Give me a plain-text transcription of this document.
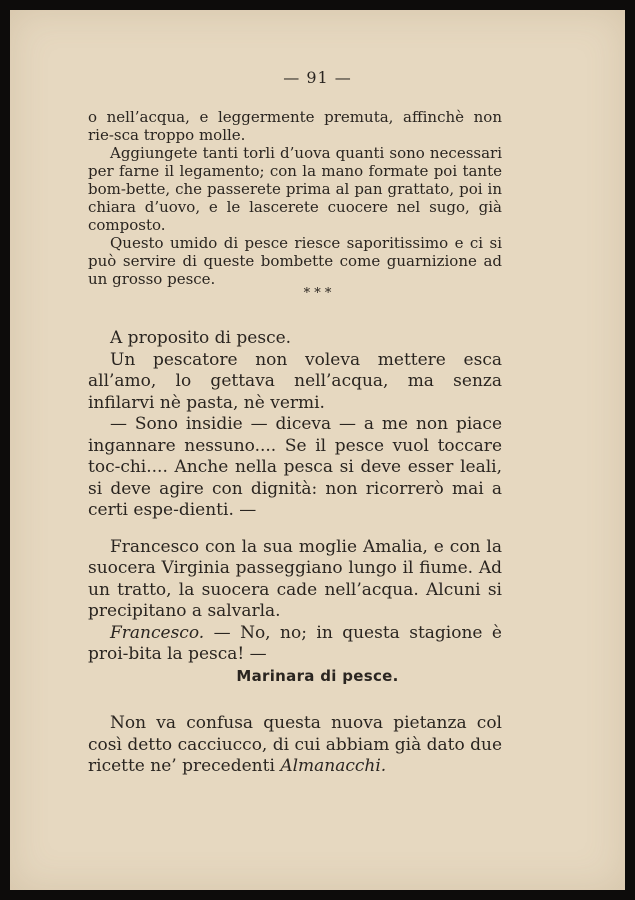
— 91 —

o nell’acqua, e leggermente premuta, affinchè non rie-sca troppo molle.

Aggiungete tanti torli d’uova quanti sono necessari per farne il legamento; con la mano formate poi tante bom-bette, che passerete prima al pan grattato, poi in chiara d’uovo, e le lascerete cuocere nel sugo, già composto.

Questo umido di pesce riesce saporitissimo e ci si può servire di queste bombette come guarnizione ad un grosso pesce.

* * *

A proposito di pesce.

Un pescatore non voleva mettere esca all’amo, lo gettava nell’acqua, ma senza infilarvi nè pasta, nè vermi.

— Sono insidie — diceva — a me non piace ingannare nessuno.... Se il pesce vuol toccare toc-chi.... Anche nella pesca si deve esser leali, si deve agire con dignità: non ricorrerò mai a certi espe-dienti. —

Francesco con la sua moglie Amalia, e con la suocera Virginia passeggiano lungo il fiume. Ad un tratto, la suocera cade nell’acqua. Alcuni si precipitano a salvarla.

Francesco. — No, no; in questa stagione è proi-bita la pesca! —

Marinara di pesce.

Non va confusa questa nuova pietanza col così detto cacciucco, di cui abbiam già dato due ricette ne’ precedenti Almanacchi.
